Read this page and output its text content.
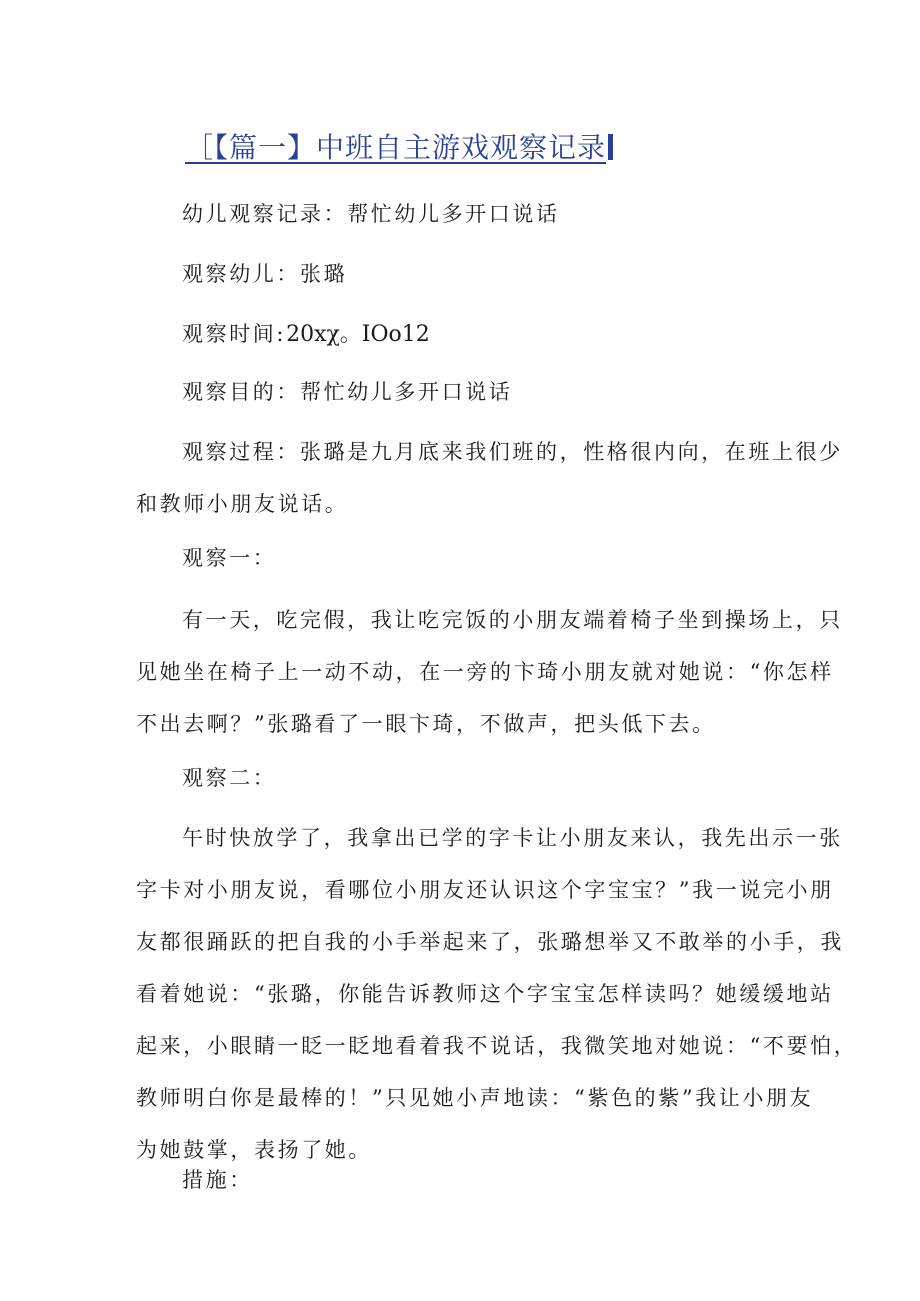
［【篇一】中班自主游戏观察记录
幼儿观察记录：帮忙幼儿多开口说话
观察幼儿：张璐
观察时间:20xχ。IOo12
观察目的：帮忙幼儿多开口说话
观察过程：张璐是九月底来我们班的，性格很内向，在班上很少
和教师小朋友说话。
观察一：
有一天，吃完假，我让吃完饭的小朋友端着椅子坐到操场上，只
见她坐在椅子上一动不动，在一旁的卞琦小朋友就对她说：“你怎样
不出去啊？”张璐看了一眼卞琦，不做声，把头低下去。
观察二：
午时快放学了，我拿出已学的字卡让小朋友来认，我先出示一张
字卡对小朋友说，看哪位小朋友还认识这个字宝宝？”我一说完小朋
友都很踊跃的把自我的小手举起来了，张璐想举又不敢举的小手，我
看着她说：“张璐，你能告诉教师这个字宝宝怎样读吗？她缓缓地站
起来，小眼睛一眨一眨地看着我不说话，我微笑地对她说：“不要怕，
教师明白你是最棒的！”只见她小声地读：“紫色的紫”我让小朋友
为她鼓掌，表扬了她。
措施：
